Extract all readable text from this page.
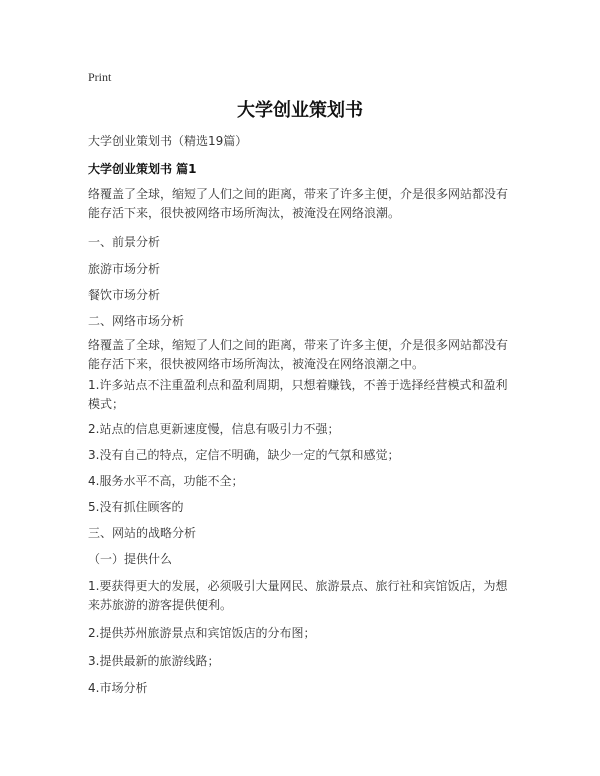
Print
大学创业策划书
大学创业策划书（精选19篇）
大学创业策划书 篇1
络覆盖了全球，缩短了人们之间的距离，带来了许多主便，介是很多网站都没有能存活下来，很快被网络市场所淘汰，被淹没在网络浪潮。
一、前景分析
旅游市场分析
餐饮市场分析
二、网络市场分析
络覆盖了全球，缩短了人们之间的距离，带来了许多主便，介是很多网站都没有能存活下来，很快被网络市场所淘汰，被淹没在网络浪潮之中。
1.许多站点不注重盈利点和盈利周期，只想着赚钱，不善于选择经营模式和盈利模式；
2.站点的信息更新速度慢，信息有吸引力不强；
3.没有自己的特点，定信不明确，缺少一定的气氛和感觉；
4.服务水平不高，功能不全；
5.没有抓住顾客的
三、网站的战略分析
（一）提供什么
1.要获得更大的发展，必须吸引大量网民、旅游景点、旅行社和宾馆饭店，为想来苏旅游的游客提供便利。
2.提供苏州旅游景点和宾馆饭店的分布图；
3.提供最新的旅游线路；
4.市场分析
